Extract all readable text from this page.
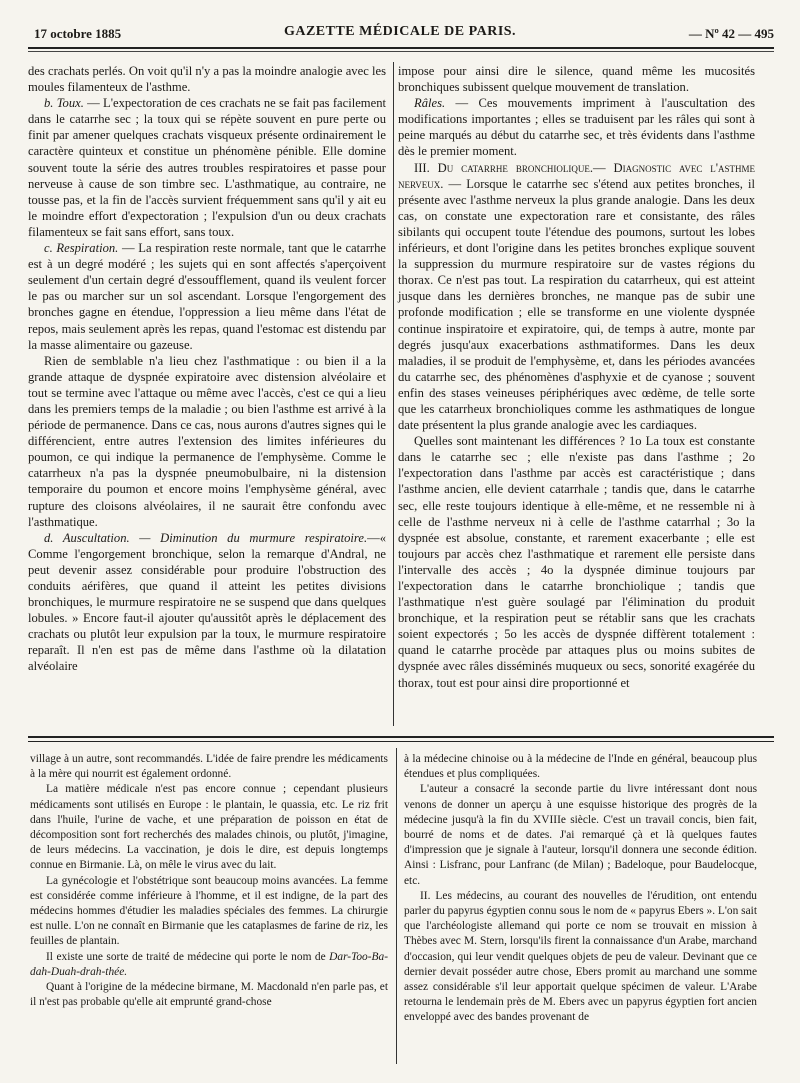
17 octobre 1885	GAZETTE MÉDICALE DE PARIS.	— Nº 42 — 495

des crachats perlés. On voit qu'il n'y a pas la moindre analogie avec les moules filamenteux de l'asthme.

b. Toux. — L'expectoration de ces crachats ne se fait pas facilement dans le catarrhe sec ; la toux qui se répète souvent en pure perte ou finit par amener quelques crachats visqueux présente ordinairement le caractère quinteux et constitue un phénomène pénible. Elle domine souvent toute la série des autres troubles respiratoires et passe pour nerveuse à cause de son timbre sec. L'asthmatique, au contraire, ne tousse pas, et la fin de l'accès survient fréquemment sans qu'il y ait eu le moindre effort d'expectoration ; l'expulsion d'un ou deux crachats filamenteux se fait sans effort, sans toux.

c. Respiration. — La respiration reste normale, tant que le catarrhe est à un degré modéré ; les sujets qui en sont affectés s'aperçoivent seulement d'un certain degré d'essoufflement, quand ils veulent forcer le pas ou marcher sur un sol ascendant. Lorsque l'engorgement des bronches gagne en étendue, l'oppression a lieu même dans l'état de repos, mais seulement après les repas, quand l'estomac est distendu par la masse alimentaire ou gazeuse.

Rien de semblable n'a lieu chez l'asthmatique : ou bien il a la grande attaque de dyspnée expiratoire avec distension alvéolaire et tout se termine avec l'attaque ou même avec l'accès, c'est ce qui a lieu dans les premiers temps de la maladie ; ou bien l'asthme est arrivé à la période de permanence. Dans ce cas, nous aurons d'autres signes qui le différencient, entre autres l'extension des limites inférieures du poumon, ce qui indique la permanence de l'emphysème. Comme le catarrheux n'a pas la dyspnée pneumobulbaire, ni la distension temporaire du poumon et encore moins l'emphysème général, avec rupture des cloisons alvéolaires, il ne saurait être confondu avec l'asthmatique.

d. Auscultation. — Diminution du murmure respiratoire.—« Comme l'engorgement bronchique, selon la remarque d'Andral, ne peut devenir assez considérable pour produire l'obstruction des conduits aérifères, que quand il atteint les petites divisions bronchiques, le murmure respiratoire ne se suspend que dans quelques lobules. » Encore faut-il ajouter qu'aussitôt après le déplacement des crachats ou plutôt leur expulsion par la toux, le murmure respiratoire reparaît. Il n'en est pas de même dans l'asthme où la dilatation alvéolaire

impose pour ainsi dire le silence, quand même les mucosités bronchiques subissent quelque mouvement de translation.

Râles. — Ces mouvements impriment à l'auscultation des modifications importantes ; elles se traduisent par les râles qui sont à peine marqués au début du catarrhe sec, et très évidents dans l'asthme dès le premier moment.

III. Du catarrhe bronchiolique.— Diagnostic avec l'asthme nerveux. — Lorsque le catarrhe sec s'étend aux petites bronches, il présente avec l'asthme nerveux la plus grande analogie. Dans les deux cas, on constate une expectoration rare et consistante, des râles sibilants qui occupent toute l'étendue des poumons, surtout les lobes inférieurs, et dont l'origine dans les petites bronches explique souvent la suppression du murmure respiratoire sur de vastes régions du thorax. Ce n'est pas tout. La respiration du catarrheux, qui est atteint jusque dans les dernières bronches, ne manque pas de subir une profonde modification ; elle se transforme en une violente dyspnée continue inspiratoire et expiratoire, qui, de temps à autre, monte par degrés jusqu'aux exacerbations asthmatiformes. Dans les deux maladies, il se produit de l'emphysème, et, dans les périodes avancées du catarrhe sec, des phénomènes d'asphyxie et de cyanose ; souvent enfin des stases veineuses périphériques avec œdème, de telle sorte que les catarrheux bronchioliques comme les asthmatiques de longue date présentent la plus grande analogie avec les cardiaques.

Quelles sont maintenant les différences ? 1o La toux est constante dans le catarrhe sec ; elle n'existe pas dans l'asthme ; 2o l'expectoration dans l'asthme par accès est caractéristique ; dans l'asthme ancien, elle devient catarrhale ; tandis que, dans le catarrhe sec, elle reste toujours identique à elle-même, et ne ressemble ni à celle de l'asthme nerveux ni à celle de l'asthme catarrhal ; 3o la dyspnée est absolue, constante, et rarement exacerbante ; elle est toujours par accès chez l'asthmatique et rarement elle persiste dans l'intervalle des accès ; 4o la dyspnée diminue toujours par l'expectoration dans le catarrhe bronchiolique ; tandis que l'asthmatique n'est guère soulagé par l'élimination du produit bronchique, et la respiration peut se rétablir sans que les crachats soient expectorés ; 5o les accès de dyspnée diffèrent totalement : quand le catarrhe procède par attaques plus ou moins subites de dyspnée avec râles disséminés muqueux ou secs, sonorité exagérée du thorax, tout est pour ainsi dire proportionné et

village à un autre, sont recommandés. L'idée de faire prendre les médicaments à la mère qui nourrit est également ordonné.

La matière médicale n'est pas encore connue ; cependant plusieurs médicaments sont utilisés en Europe : le plantain, le quassia, etc. Le riz frit dans l'huile, l'urine de vache, et une préparation de poisson en état de décomposition sont fort recherchés des malades chinois, ou plutôt, j'imagine, de leurs médecins. La vaccination, je dois le dire, est depuis longtemps connue en Birmanie. Là, on mêle le virus avec du lait.

La gynécologie et l'obstétrique sont beaucoup moins avancées. La femme est considérée comme inférieure à l'homme, et il est indigne, de la part des médecins hommes d'étudier les maladies spéciales des femmes. La chirurgie est nulle. L'on ne connaît en Birmanie que les cataplasmes de farine de riz, les feuilles de plantain.

Il existe une sorte de traité de médecine qui porte le nom de Dar-Too-Ba-dah-Duah-drah-thée.

Quant à l'origine de la médecine birmane, M. Macdonald n'en parle pas, et il n'est pas probable qu'elle ait emprunté grand-chose

à la médecine chinoise ou à la médecine de l'Inde en général, beaucoup plus étendues et plus compliquées.

L'auteur a consacré la seconde partie du livre intéressant dont nous venons de donner un aperçu à une esquisse historique des progrès de la médecine jusqu'à la fin du XVIIIe siècle. C'est un travail concis, bien fait, bourré de noms et de dates. J'ai remarqué çà et là quelques fautes d'impression que je signale à l'auteur, lorsqu'il donnera une seconde édition. Ainsi : Lisfranc, pour Lanfranc (de Milan) ; Badeloque, pour Baudelocque, etc.

II. Les médecins, au courant des nouvelles de l'érudition, ont entendu parler du papyrus égyptien connu sous le nom de « papyrus Ebers ». L'on sait que l'archéologiste allemand qui porte ce nom se trouvait en mission à Thèbes avec M. Stern, lorsqu'ils firent la connaissance d'un Arabe, marchand d'occasion, qui leur vendit quelques objets de peu de valeur. Devinant que ce dernier devait posséder autre chose, Ebers promit au marchand une somme assez considérable s'il leur apportait quelque spécimen de valeur. L'Arabe retourna le lendemain près de M. Ebers avec un papyrus égyptien fort ancien enveloppé avec des bandes provenant de
